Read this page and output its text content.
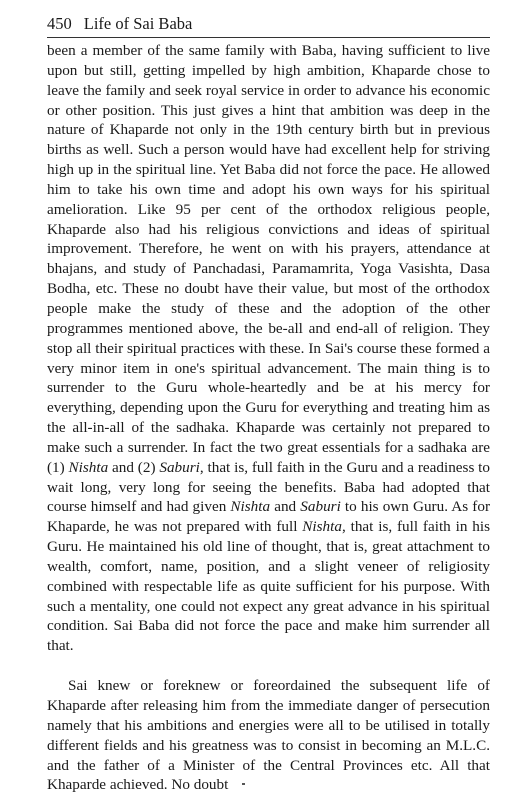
450 Life of Sai Baba

been a member of the same family with Baba, having sufficient to live upon but still, getting impelled by high ambition, Khaparde chose to leave the family and seek royal service in order to advance his economic or other position. This just gives a hint that ambition was deep in the nature of Khaparde not only in the 19th century birth but in previous births as well. Such a person would have had excellent help for striving high up in the spiritual line. Yet Baba did not force the pace. He allowed him to take his own time and adopt his own ways for his spiritual amelioration. Like 95 per cent of the orthodox religious people, Khaparde also had his religious convictions and ideas of spiritual improvement. Therefore, he went on with his prayers, attendance at bhajans, and study of Panchadasi, Paramamrita, Yoga Vasishta, Dasa Bodha, etc. These no doubt have their value, but most of the orthodox people make the study of these and the adoption of the other programmes mentioned above, the be-all and end-all of religion. They stop all their spiritual practices with these. In Sai's course these formed a very minor item in one's spiritual advancement. The main thing is to surrender to the Guru whole-heartedly and be at his mercy for everything, depending upon the Guru for everything and treating him as the all-in-all of the sadhaka. Khaparde was certainly not prepared to make such a surrender. In fact the two great essentials for a sadhaka are (1) Nishta and (2) Saburi, that is, full faith in the Guru and a readiness to wait long, very long for seeing the benefits. Baba had adopted that course himself and had given Nishta and Saburi to his own Guru. As for Khaparde, he was not prepared with full Nishta, that is, full faith in his Guru. He maintained his old line of thought, that is, great attachment to wealth, comfort, name, position, and a slight veneer of religiosity combined with respectable life as quite sufficient for his purpose. With such a mentality, one could not expect any great advance in his spiritual condition. Sai Baba did not force the pace and make him surrender all that.

Sai knew or foreknew or foreordained the subsequent life of Khaparde after releasing him from the immediate danger of persecution namely that his ambitions and energies were all to be utilised in totally different fields and his greatness was to consist in becoming an M.L.C. and the father of a Minister of the Central Provinces etc. All that Khaparde achieved. No doubt
